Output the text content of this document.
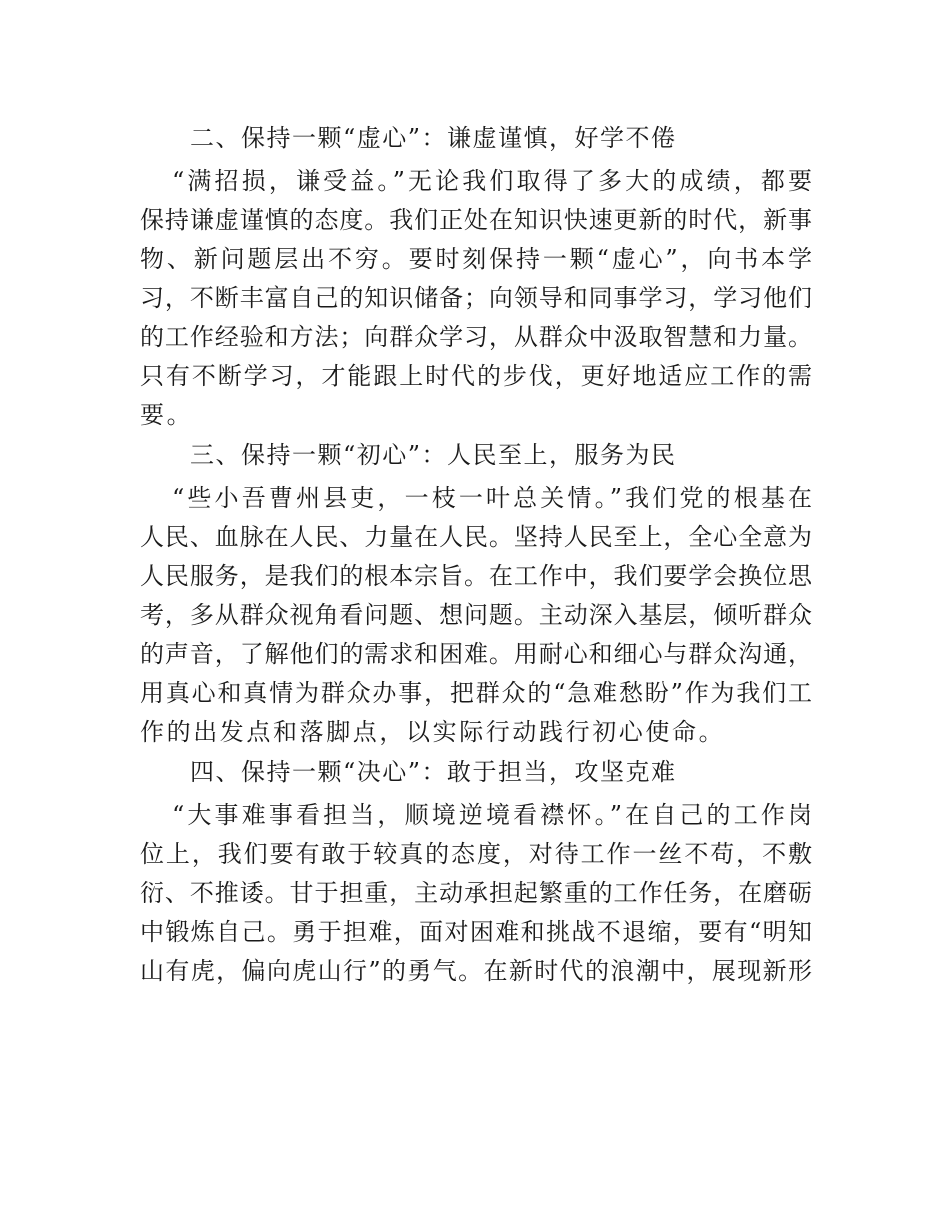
二、保持一颗“虚心”：谦虚谨慎，好学不倦
“满招损，谦受益。”无论我们取得了多大的成绩，都要
保持谦虚谨慎的态度。我们正处在知识快速更新的时代，新事
物、新问题层出不穷。要时刻保持一颗“虚心”，向书本学
习，不断丰富自己的知识储备；向领导和同事学习，学习他们
的工作经验和方法；向群众学习，从群众中汲取智慧和力量。
只有不断学习，才能跟上时代的步伐，更好地适应工作的需
要。
三、保持一颗“初心”：人民至上，服务为民
“些小吾曹州县吏，一枝一叶总关情。”我们党的根基在
人民、血脉在人民、力量在人民。坚持人民至上，全心全意为
人民服务，是我们的根本宗旨。在工作中，我们要学会换位思
考，多从群众视角看问题、想问题。主动深入基层，倾听群众
的声音，了解他们的需求和困难。用耐心和细心与群众沟通，
用真心和真情为群众办事，把群众的“急难愁盼”作为我们工
作的出发点和落脚点，以实际行动践行初心使命。
四、保持一颗“决心”：敢于担当，攻坚克难
“大事难事看担当，顺境逆境看襟怀。”在自己的工作岗
位上，我们要有敢于较真的态度，对待工作一丝不苟，不敷
衍、不推诿。甘于担重，主动承担起繁重的工作任务，在磨砺
中锻炼自己。勇于担难，面对困难和挑战不退缩，要有“明知
山有虎，偏向虎山行”的勇气。在新时代的浪潮中，展现新形
